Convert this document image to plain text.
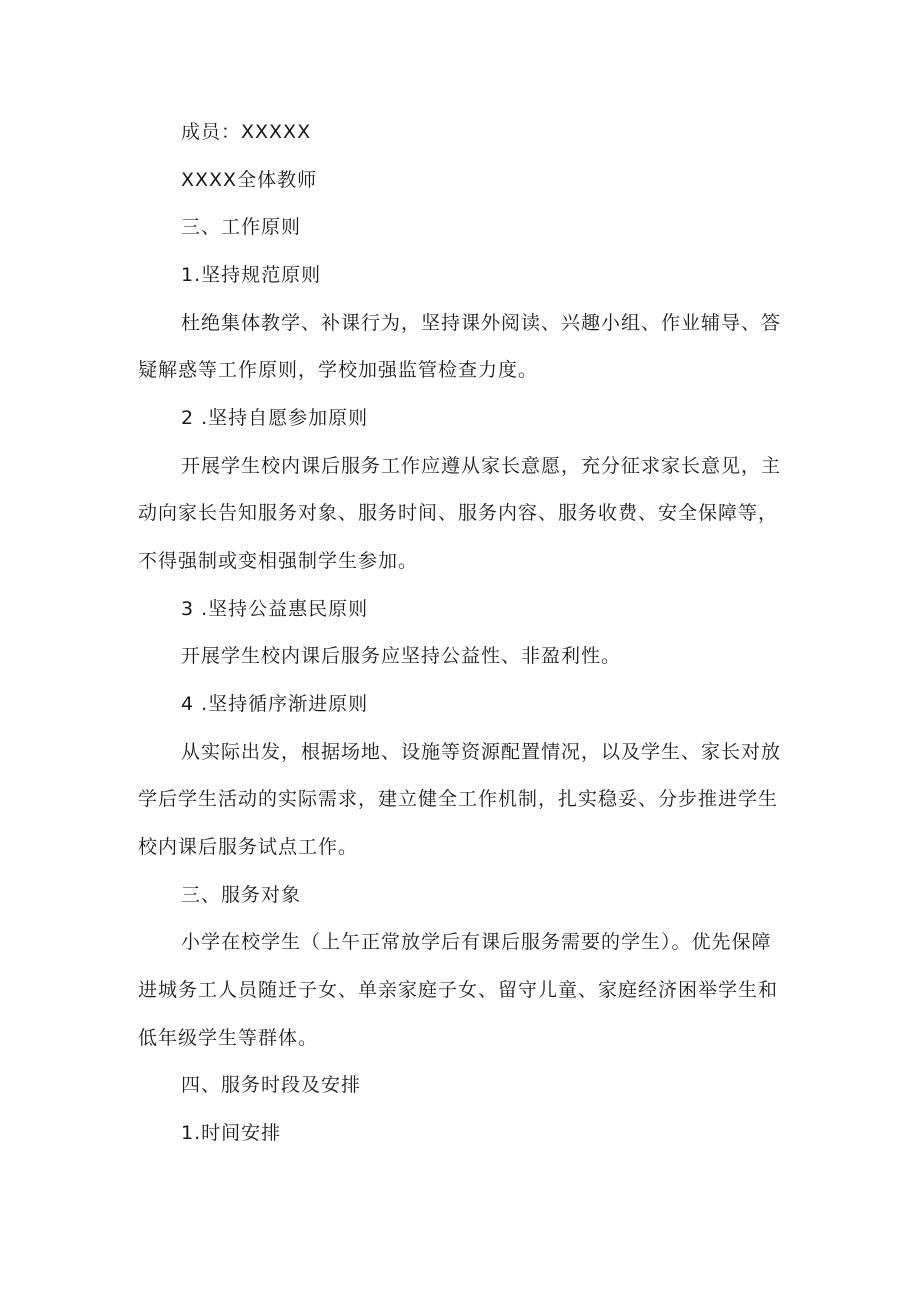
成员：XXXXX
XXXX全体教师
三、工作原则
1.坚持规范原则
杜绝集体教学、补课行为，坚持课外阅读、兴趣小组、作业辅导、答
疑解惑等工作原则，学校加强监管检查力度。
2 .坚持自愿参加原则
开展学生校内课后服务工作应遵从家长意愿，充分征求家长意见，主
动向家长告知服务对象、服务时间、服务内容、服务收费、安全保障等，
不得强制或变相强制学生参加。
3 .坚持公益惠民原则
开展学生校内课后服务应坚持公益性、非盈利性。
4 .坚持循序渐进原则
从实际出发，根据场地、设施等资源配置情况，以及学生、家长对放
学后学生活动的实际需求，建立健全工作机制，扎实稳妥、分步推进学生
校内课后服务试点工作。
三、服务对象
小学在校学生（上午正常放学后有课后服务需要的学生）。优先保障
进城务工人员随迁子女、单亲家庭子女、留守儿童、家庭经济困举学生和
低年级学生等群体。
四、服务时段及安排
1.时间安排
